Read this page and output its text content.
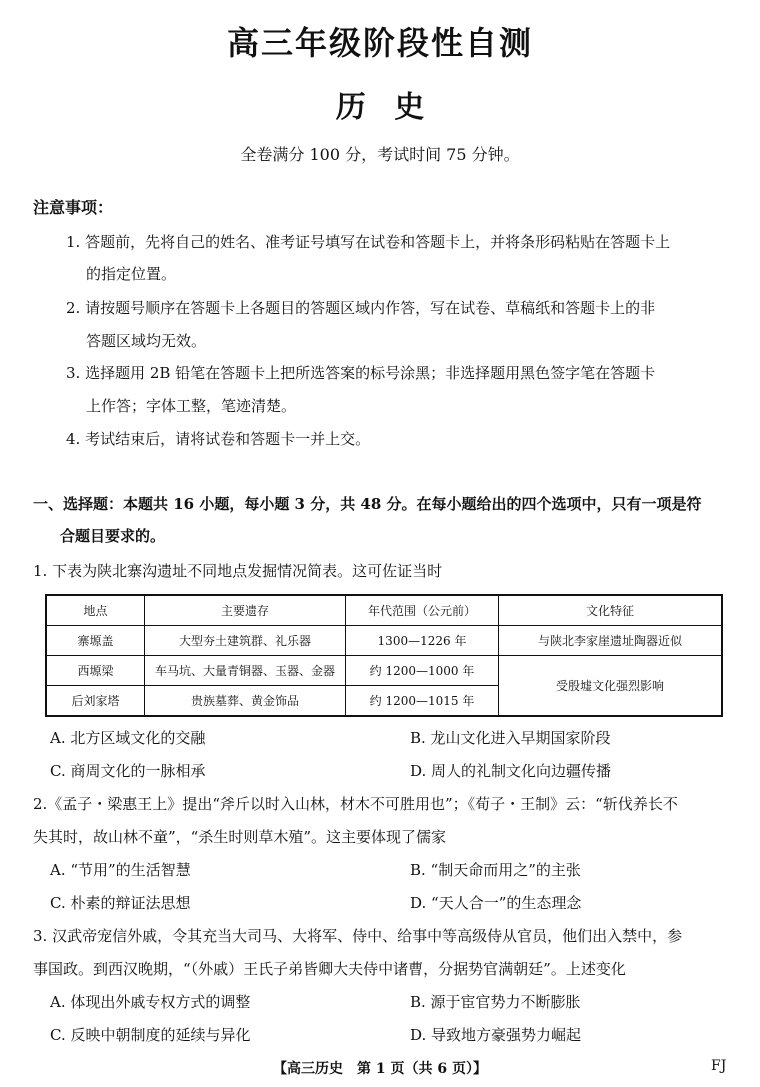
高三年级阶段性自测
历 史
全卷满分 100 分，考试时间 75 分钟。
注意事项：
1. 答题前，先将自己的姓名、准考证号填写在试卷和答题卡上，并将条形码粘贴在答题卡上
的指定位置。
2. 请按题号顺序在答题卡上各题目的答题区域内作答，写在试卷、草稿纸和答题卡上的非
答题区域均无效。
3. 选择题用 2B 铅笔在答题卡上把所选答案的标号涂黑；非选择题用黑色签字笔在答题卡
上作答；字体工整，笔迹清楚。
4. 考试结束后，请将试卷和答题卡一并上交。
一、选择题：本题共 16 小题，每小题 3 分，共 48 分。在每小题给出的四个选项中，只有一项是符
合题目要求的。
1. 下表为陕北寨沟遗址不同地点发掘情况简表。这可佐证当时
地点	主要遗存	年代范围（公元前）	文化特征
寨塬盖	大型夯土建筑群、礼乐器	1300—1226 年	与陕北李家崖遗址陶器近似
西塬梁	车马坑、大量青铜器、玉器、金器	约 1200—1000 年	受殷墟文化强烈影响
后刘家塔	贵族墓葬、黄金饰品	约 1200—1015 年	
A. 北方区域文化的交融	B. 龙山文化进入早期国家阶段
C. 商周文化的一脉相承	D. 周人的礼制文化向边疆传播
2.《孟子・梁惠王上》提出“斧斤以时入山林，材木不可胜用也”；《荀子・王制》云：“斩伐养长不
失其时，故山林不童”，“杀生时则草木殖”。这主要体现了儒家
A. “节用”的生活智慧	B. “制天命而用之”的主张
C. 朴素的辩证法思想	D. “天人合一”的生态理念
3. 汉武帝宠信外戚，令其充当大司马、大将军、侍中、给事中等高级侍从官员，他们出入禁中，参
事国政。到西汉晚期，“（外戚）王氏子弟皆卿大夫侍中诸曹，分据势官满朝廷”。上述变化
A. 体现出外戚专权方式的调整	B. 源于宦官势力不断膨胀
C. 反映中朝制度的延续与异化	D. 导致地方豪强势力崛起
【高三历史　第 1 页（共 6 页）】	FJ
